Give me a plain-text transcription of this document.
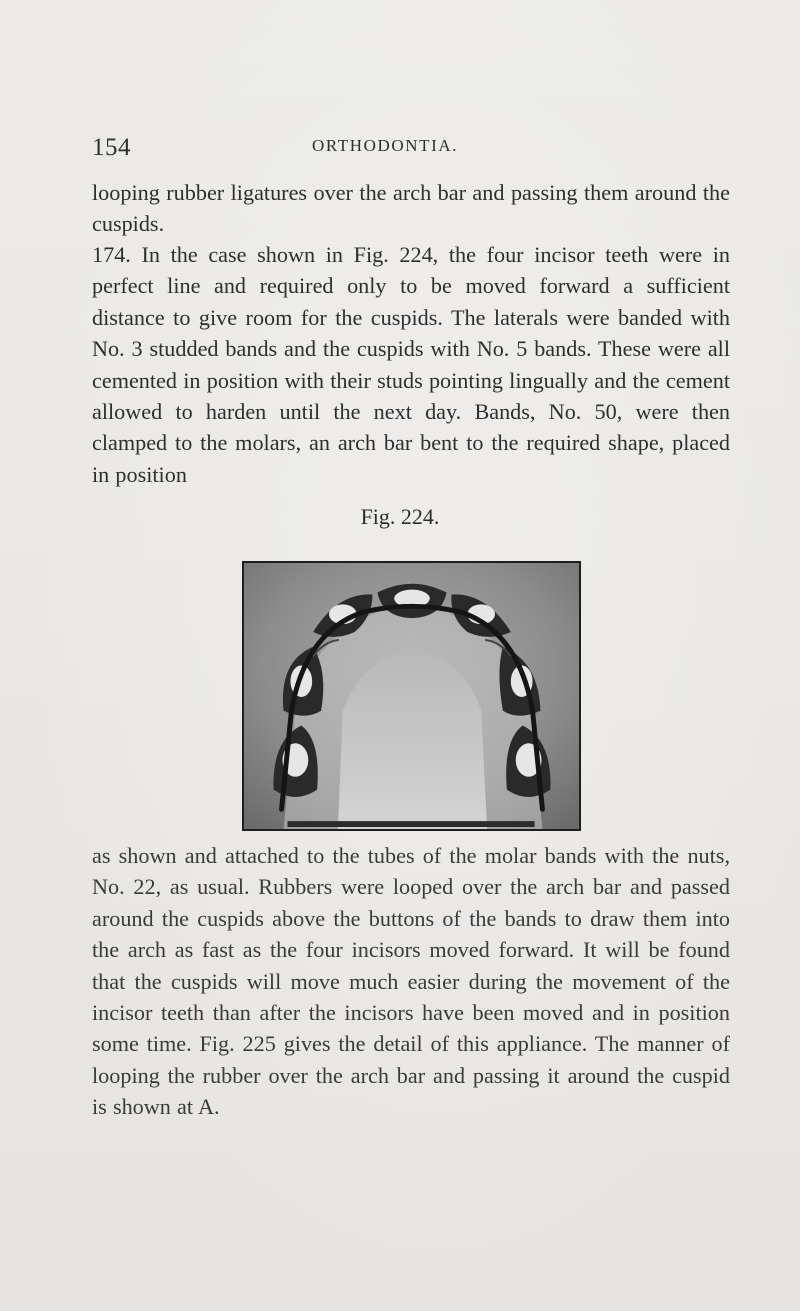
154	ORTHODONTIA.

looping rubber ligatures over the arch bar and passing them around the cuspids.

174. In the case shown in Fig. 224, the four incisor teeth were in perfect line and required only to be moved forward a sufficient distance to give room for the cuspids. The laterals were banded with No. 3 studded bands and the cuspids with No. 5 bands. These were all cemented in position with their studs pointing lingually and the cement allowed to harden until the next day. Bands, No. 50, were then clamped to the molars, an arch bar bent to the required shape, placed in position

Fig. 224.

as shown and attached to the tubes of the molar bands with the nuts, No. 22, as usual. Rubbers were looped over the arch bar and passed around the cuspids above the buttons of the bands to draw them into the arch as fast as the four incisors moved forward. It will be found that the cuspids will move much easier during the movement of the incisor teeth than after the incisors have been moved and in position some time. Fig. 225 gives the detail of this appliance. The manner of looping the rubber over the arch bar and passing it around the cuspid is shown at A.
